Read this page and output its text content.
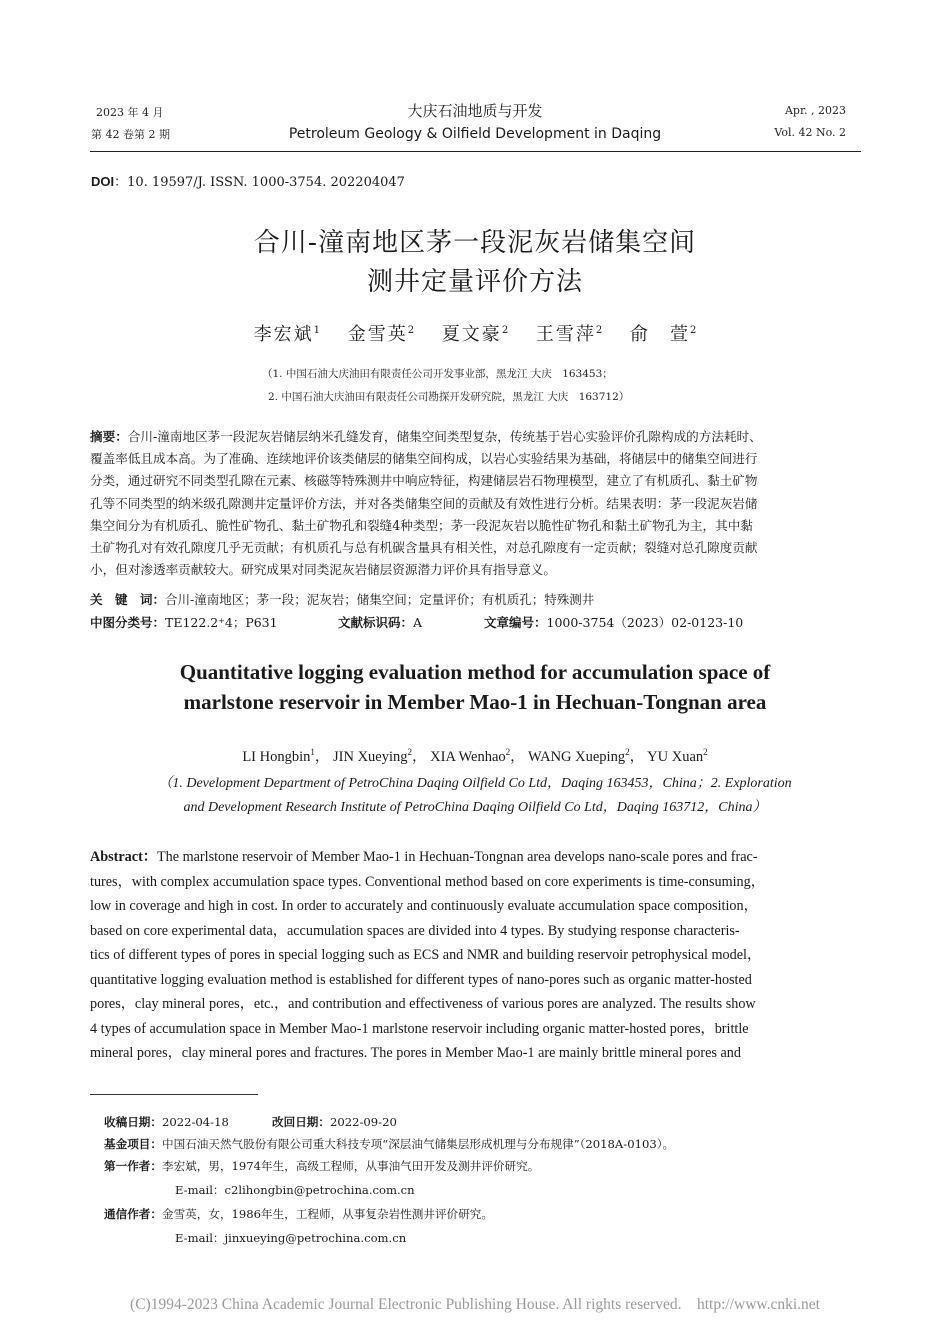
2023 年 4 月
第 42 卷第 2 期
大庆石油地质与开发
Petroleum Geology & Oilfield Development in Daqing
Apr. , 2023
Vol. 42 No. 2
DOI：10. 19597/J. ISSN. 1000-3754. 202204047
合川-潼南地区茅一段泥灰岩储集空间
测井定量评价方法
李宏斌$^1$　 金雪英$^2$　 夏文豪$^2$　 王雪萍$^2$　 俞　萱$^2$
（1. 中国石油大庆油田有限责任公司开发事业部，黑龙江 大庆　163453；
2. 中国石油大庆油田有限责任公司勘探开发研究院，黑龙江 大庆　163712）
摘要：合川-潼南地区茅一段泥灰岩储层纳米孔缝发育，储集空间类型复杂，传统基于岩心实验评价孔隙构成的方法耗时、
覆盖率低且成本高。为了准确、连续地评价该类储层的储集空间构成，以岩心实验结果为基础，将储层中的储集空间进行
分类，通过研究不同类型孔隙在元素、核磁等特殊测井中响应特征，构建储层岩石物理模型，建立了有机质孔、黏土矿物
孔等不同类型的纳米级孔隙测井定量评价方法，并对各类储集空间的贡献及有效性进行分析。结果表明：茅一段泥灰岩储
集空间分为有机质孔、脆性矿物孔、黏土矿物孔和裂缝4种类型；茅一段泥灰岩以脆性矿物孔和黏土矿物孔为主，其中黏
土矿物孔对有效孔隙度几乎无贡献；有机质孔与总有机碳含量具有相关性，对总孔隙度有一定贡献；裂缝对总孔隙度贡献
小，但对渗透率贡献较大。研究成果对同类泥灰岩储层资源潜力评价具有指导意义。
关　键　词：合川-潼南地区；茅一段；泥灰岩；储集空间；定量评价；有机质孔；特殊测井
中图分类号：TE122.2⁺4；P631	文献标识码：A	文章编号：1000-3754（2023）02-0123-10
Quantitative logging evaluation method for accumulation space of
marlstone reservoir in Member Mao-1 in Hechuan-Tongnan area
LI Hongbin$^1$， JIN Xueying$^2$， XIA Wenhao$^2$， WANG Xueping$^2$， YU Xuan$^2$
（1. Development Department of PetroChina Daqing Oilfield Co Ltd，Daqing 163453，China；2. Exploration
and Development Research Institute of PetroChina Daqing Oilfield Co Ltd，Daqing 163712，China）
Abstract：The marlstone reservoir of Member Mao-1 in Hechuan-Tongnan area develops nano-scale pores and frac-
tures，with complex accumulation space types. Conventional method based on core experiments is time-consuming，
low in coverage and high in cost. In order to accurately and continuously evaluate accumulation space composition，
based on core experimental data，accumulation spaces are divided into 4 types. By studying response characteris-
tics of different types of pores in special logging such as ECS and NMR and building reservoir petrophysical model，
quantitative logging evaluation method is established for different types of nano-pores such as organic matter-hosted
pores，clay mineral pores，etc.，and contribution and effectiveness of various pores are analyzed. The results show
4 types of accumulation space in Member Mao-1 marlstone reservoir including organic matter-hosted pores，brittle
mineral pores，clay mineral pores and fractures. The pores in Member Mao-1 are mainly brittle mineral pores and
收稿日期：2022-04-18	改回日期：2022-09-20
基金项目：中国石油天然气股份有限公司重大科技专项“深层油气储集层形成机理与分布规律”（2018A-0103）。
第一作者：李宏斌，男，1974年生，高级工程师，从事油气田开发及测井评价研究。
E-mail：c2lihongbin@petrochina.com.cn
通信作者：金雪英，女，1986年生，工程师，从事复杂岩性测井评价研究。
E-mail：jinxueying@petrochina.com.cn
(C)1994-2023 China Academic Journal Electronic Publishing House. All rights reserved.    http://www.cnki.net
